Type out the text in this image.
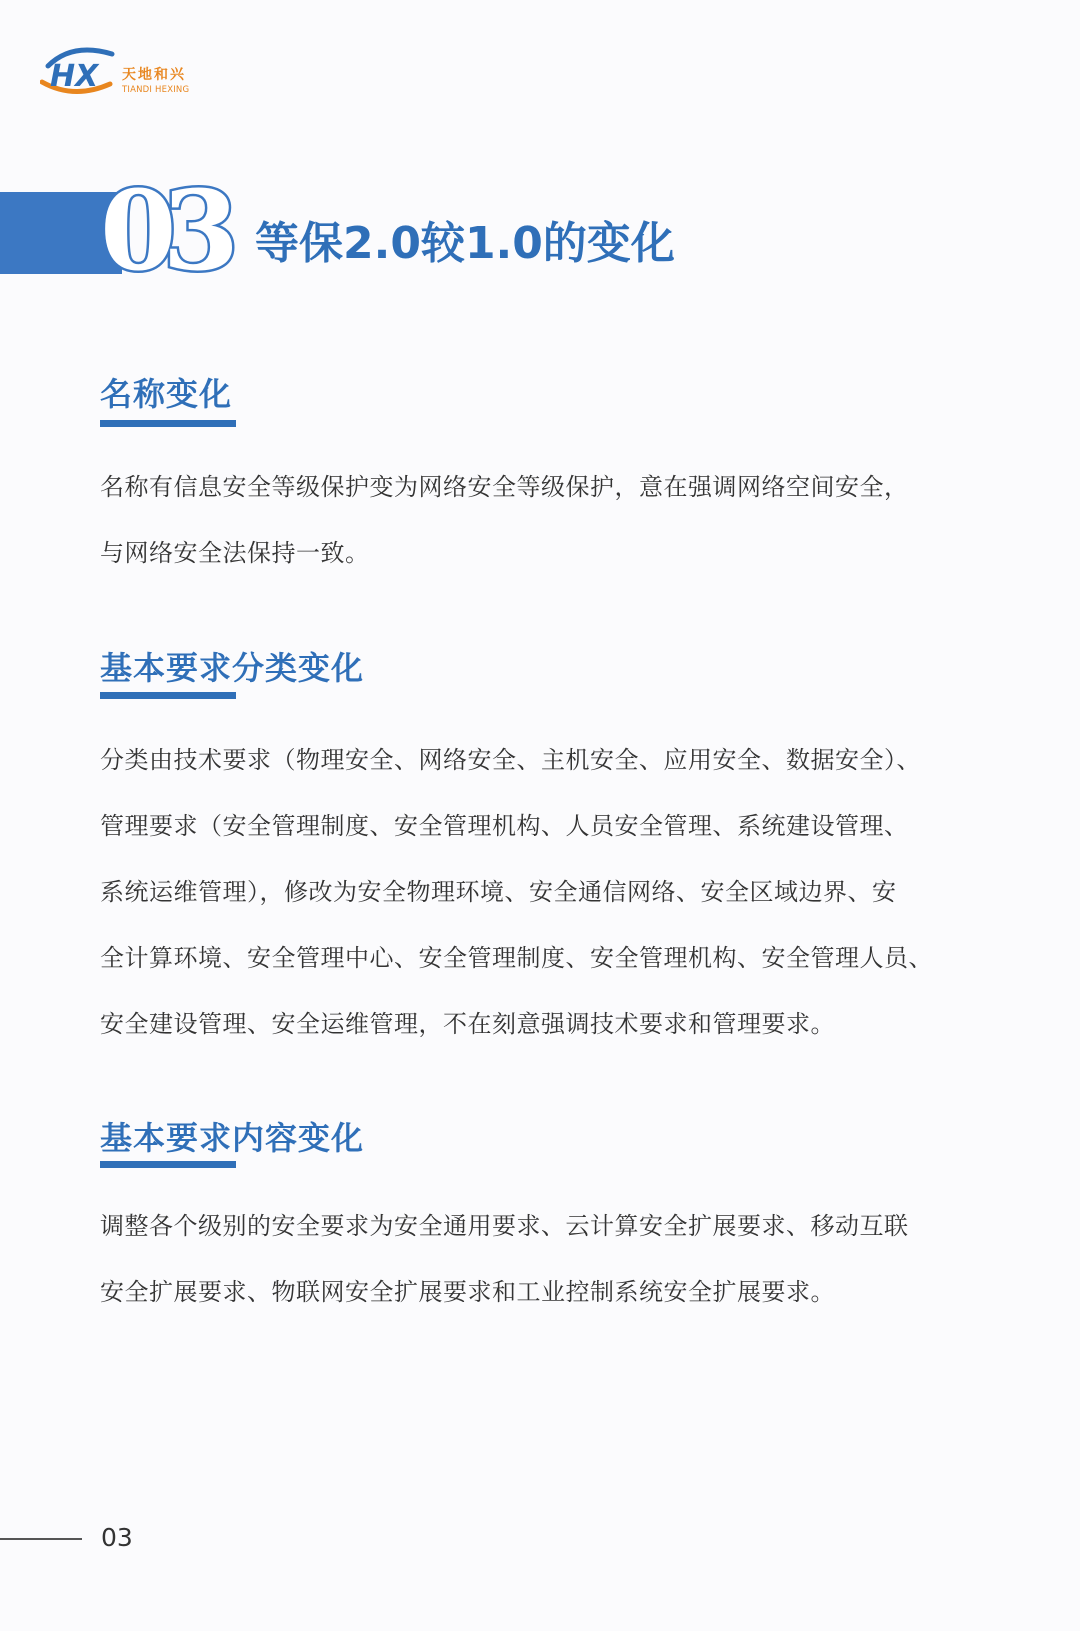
HX 天地和兴
TIANDI HEXING
03 等保2.0较1.0的变化
名称变化
名称有信息安全等级保护变为网络安全等级保护，意在强调网络空间安全，
与网络安全法保持一致。
基本要求分类变化
分类由技术要求（物理安全、网络安全、主机安全、应用安全、数据安全）、
管理要求（安全管理制度、安全管理机构、人员安全管理、系统建设管理、
系统运维管理），修改为安全物理环境、安全通信网络、安全区域边界、安
全计算环境、安全管理中心、安全管理制度、安全管理机构、安全管理人员、
安全建设管理、安全运维管理，不在刻意强调技术要求和管理要求。
基本要求内容变化
调整各个级别的安全要求为安全通用要求、云计算安全扩展要求、移动互联
安全扩展要求、物联网安全扩展要求和工业控制系统安全扩展要求。
03
